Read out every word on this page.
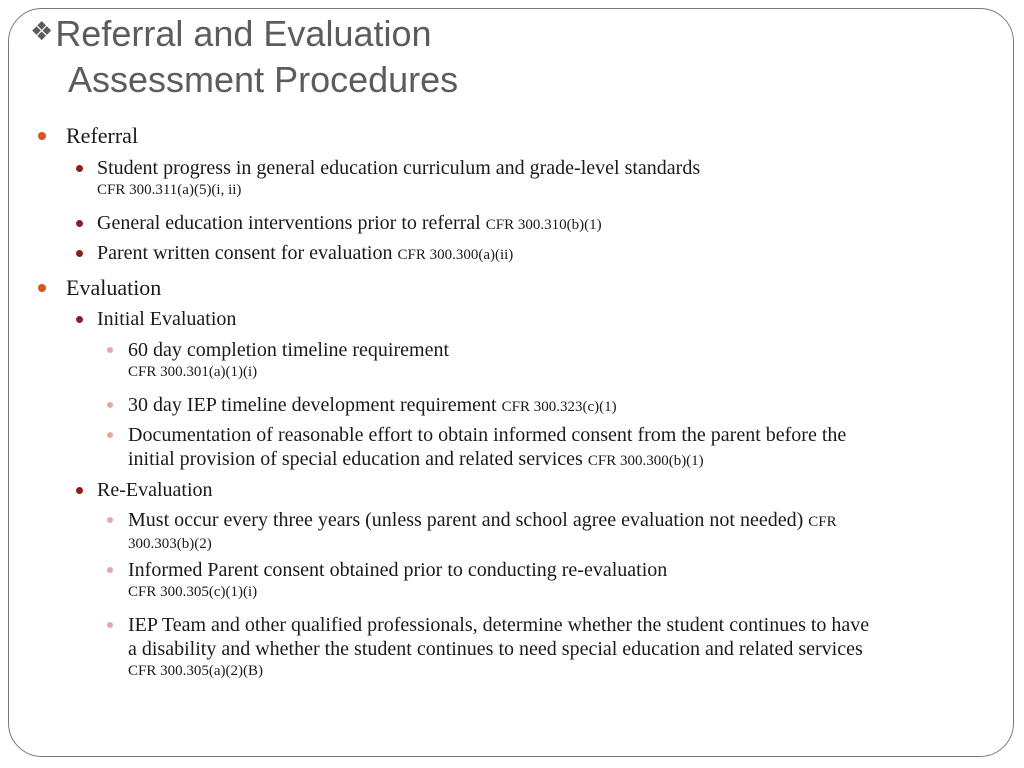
❖Referral and Evaluation
Assessment Procedures
Referral
Student progress in general education curriculum and grade-level standards
CFR 300.311(a)(5)(i, ii)
General education interventions prior to referral CFR 300.310(b)(1)
Parent written consent for evaluation CFR 300.300(a)(ii)
Evaluation
Initial Evaluation
60 day completion timeline requirement
CFR 300.301(a)(1)(i)
30 day IEP timeline development requirement CFR 300.323(c)(1)
Documentation of reasonable effort to obtain informed consent from the parent before the
initial provision of special education and related services CFR 300.300(b)(1)
Re-Evaluation
Must occur every three years (unless parent and school agree evaluation not needed) CFR
300.303(b)(2)
Informed Parent consent obtained prior to conducting re-evaluation
CFR 300.305(c)(1)(i)
IEP Team and other qualified professionals, determine whether the student continues to have
a disability and whether the student continues to need special education and related services
CFR 300.305(a)(2)(B)
